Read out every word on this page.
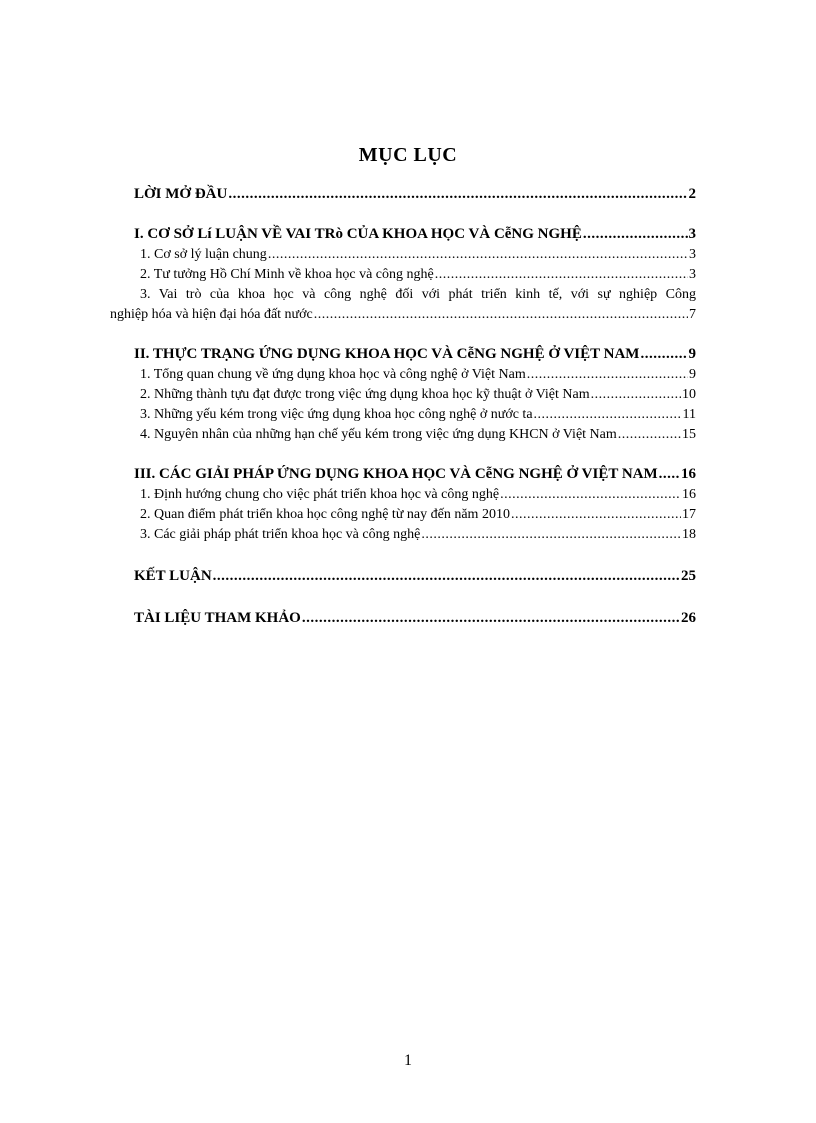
MỤC LỤC
LỜI MỞ ĐẦU .....	2
I. CƠ SỞ Lí LUẬN VỀ VAI TRò CỦA KHOA HỌC VÀ CễNG NGHỆ .....	3
1. Cơ sở lý luận chung .....	3
2. Tư tưởng Hồ Chí Minh về khoa học và công nghệ .....	3
3. Vai trò của khoa học và công nghệ đối với phát triển kinh tế, với sự nghiệp Công
nghiệp hóa và hiện đại hóa đất nước .....	7
II. THỰC TRẠNG ỨNG DỤNG KHOA HỌC VÀ CễNG NGHỆ Ở VIỆT NAM .....	9
1. Tổng quan chung về ứng dụng khoa học và công nghệ ở Việt Nam .....	9
2. Những thành tựu đạt được trong việc ứng dụng khoa học kỹ thuật ở Việt Nam .....	10
3. Những yếu kém trong việc ứng dụng khoa học công nghệ ở nước ta .....	11
4. Nguyên nhân của những hạn chế yếu kém trong việc ứng dụng KHCN ở Việt Nam .....	15
III. CÁC GIẢI PHÁP ỨNG DỤNG KHOA HỌC VÀ CễNG NGHỆ Ở VIỆT NAM ..... 16
1. Định hướng chung cho việc phát triển khoa học và công nghệ .....	16
2. Quan điểm phát triển khoa học công nghệ từ nay đến năm 2010 .....	17
3. Các giải pháp phát triển khoa học và công nghệ .....	18
KẾT LUẬN .....	25
TÀI LIỆU THAM KHẢO .....	26
1
